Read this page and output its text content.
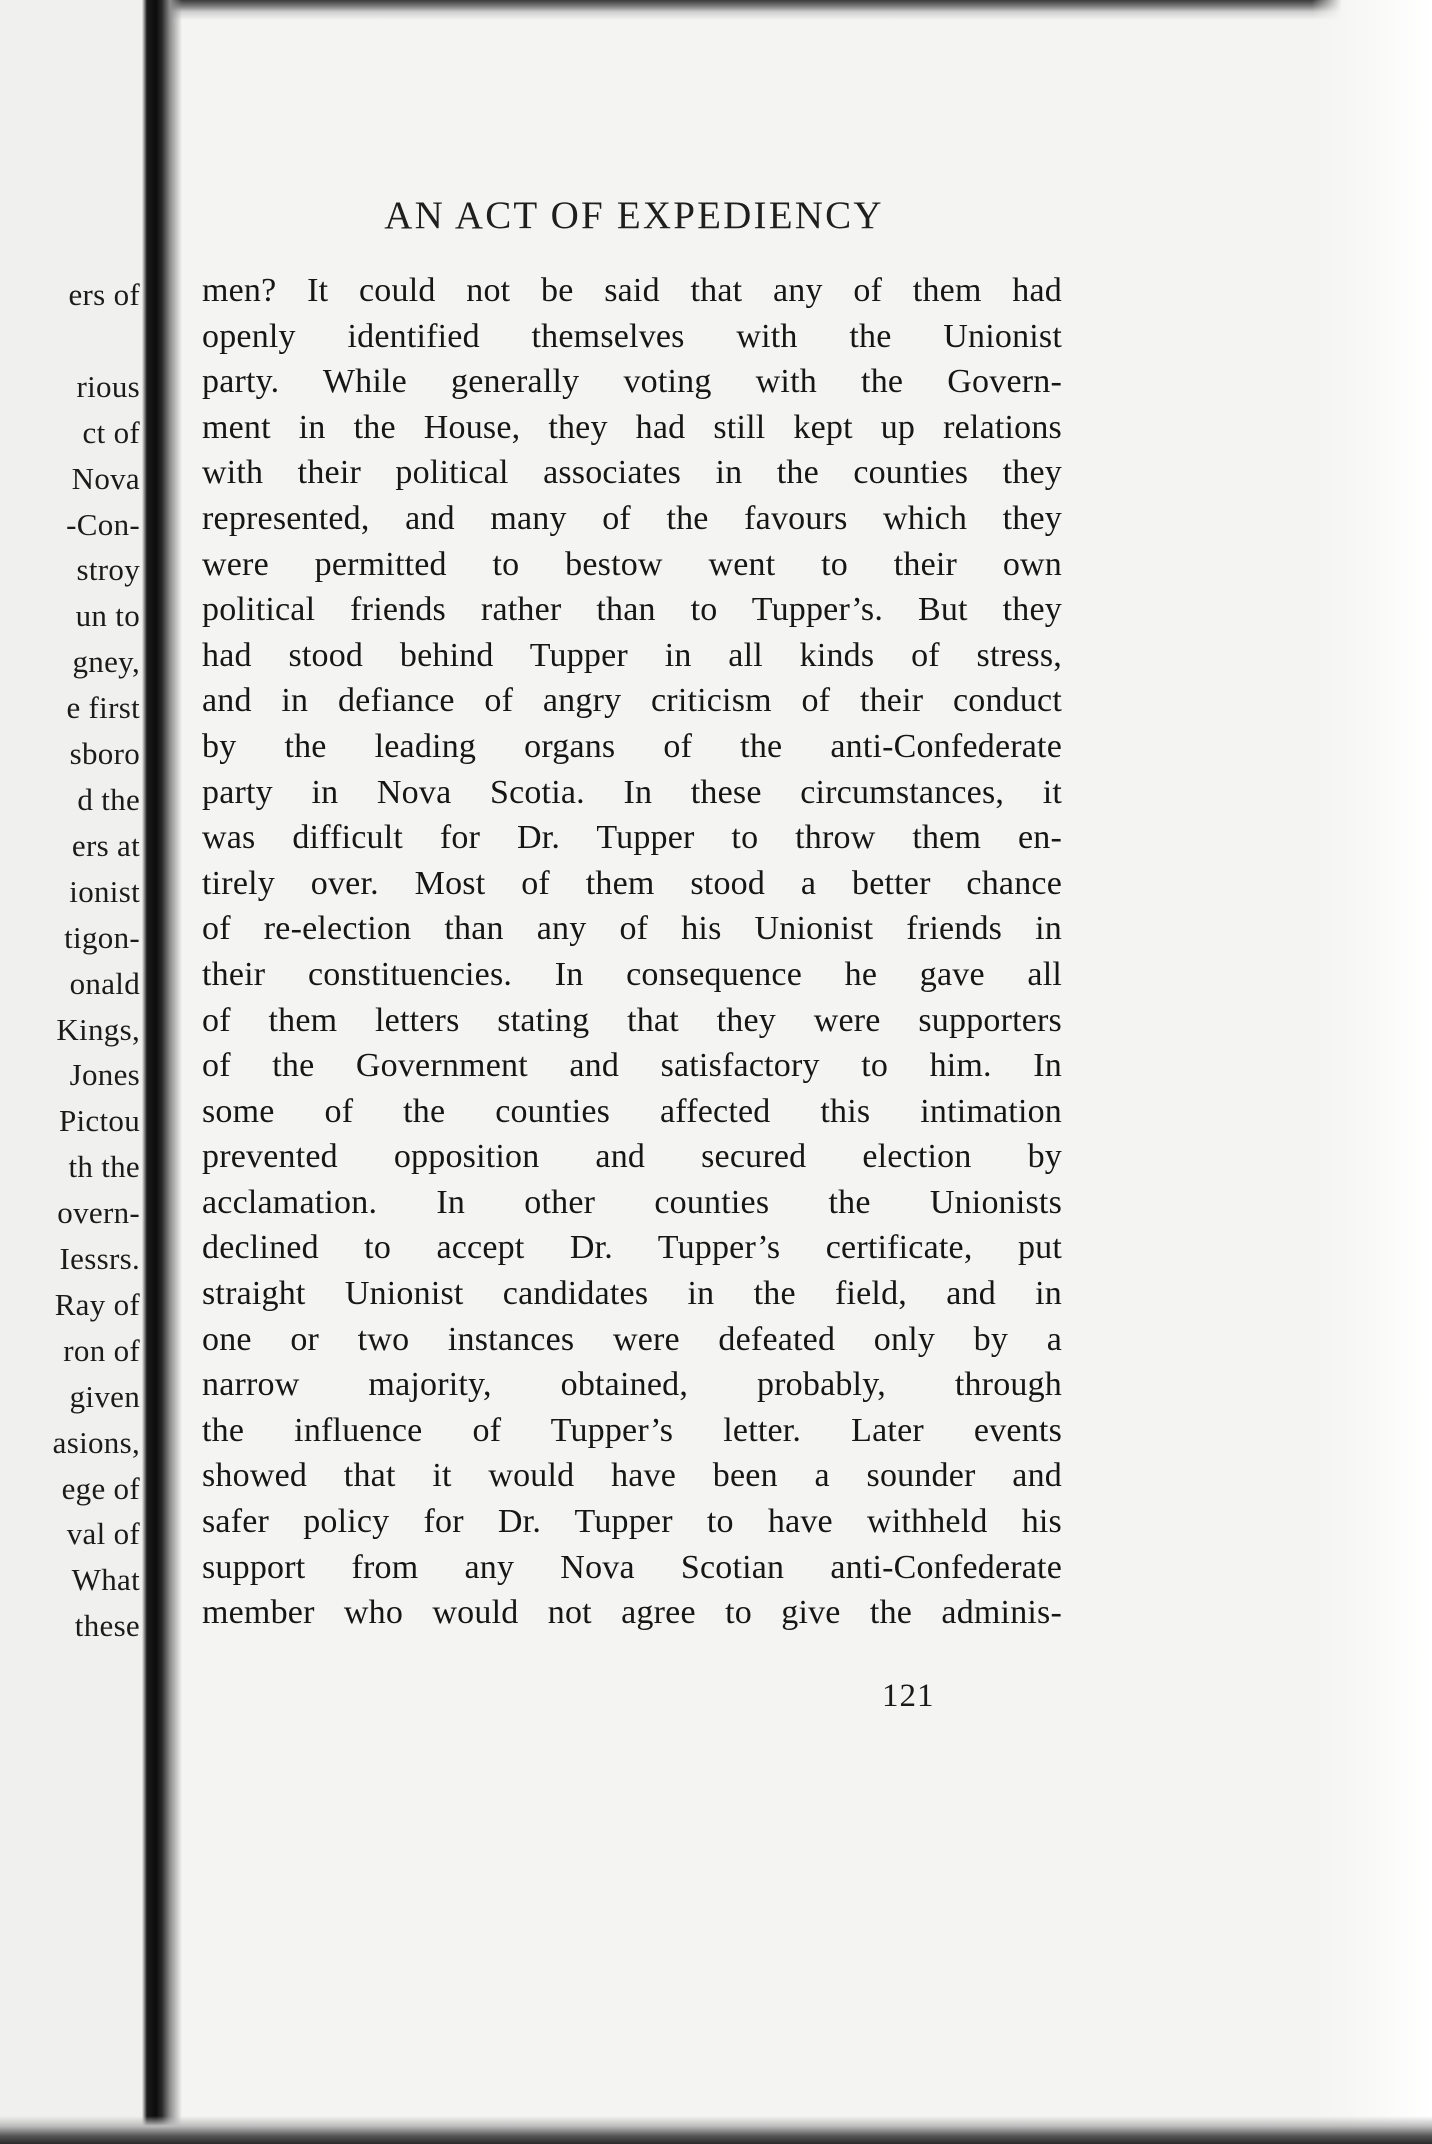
ers of

rious
ct of
Nova
-Con-
stroy
un to
gney,
e first
sboro
d the
ers at
ionist
tigon-
onald
Kings,
Jones
Pictou
th the
overn-
Iessrs.
Ray of
ron of
given
asions,
ege of
val of
What
these
AN ACT OF EXPEDIENCY
men? It could not be said that any of them had
openly identified themselves with the Unionist
party. While generally voting with the Govern-
ment in the House, they had still kept up relations
with their political associates in the counties they
represented, and many of the favours which they
were permitted to bestow went to their own
political friends rather than to Tupper’s. But they
had stood behind Tupper in all kinds of stress,
and in defiance of angry criticism of their conduct
by the leading organs of the anti-Confederate
party in Nova Scotia. In these circumstances, it
was difficult for Dr. Tupper to throw them en-
tirely over. Most of them stood a better chance
of re-election than any of his Unionist friends in
their constituencies. In consequence he gave all
of them letters stating that they were supporters
of the Government and satisfactory to him. In
some of the counties affected this intimation
prevented opposition and secured election by
acclamation. In other counties the Unionists
declined to accept Dr. Tupper’s certificate, put
straight Unionist candidates in the field, and in
one or two instances were defeated only by a
narrow majority, obtained, probably, through
the influence of Tupper’s letter. Later events
showed that it would have been a sounder and
safer policy for Dr. Tupper to have withheld his
support from any Nova Scotian anti-Confederate
member who would not agree to give the adminis-
121
